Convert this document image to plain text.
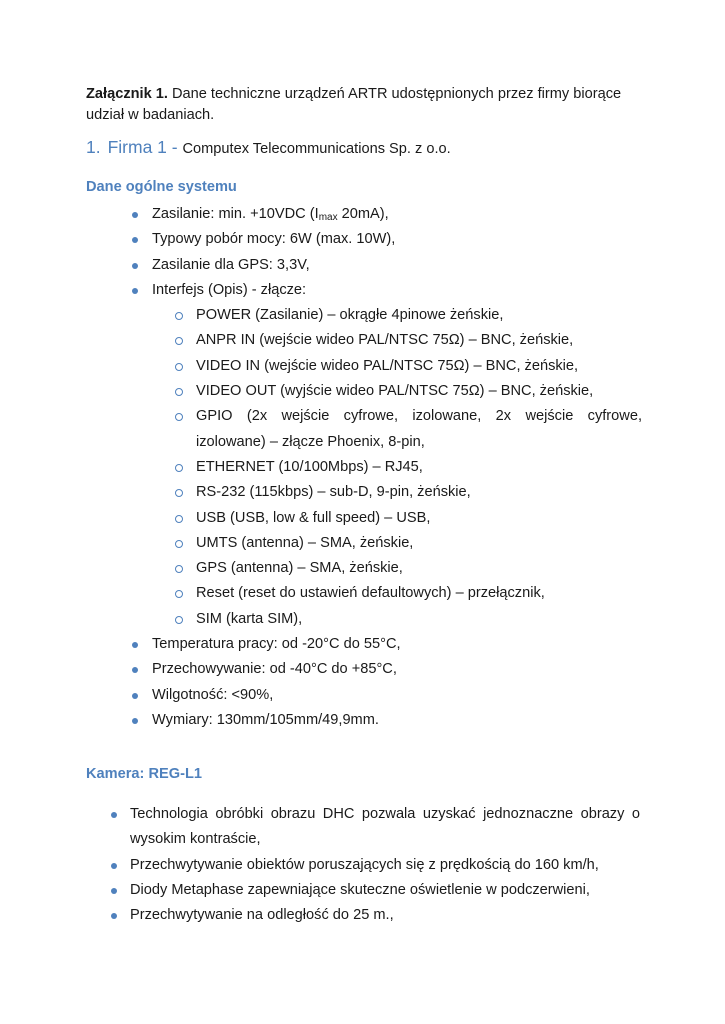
Załącznik 1. Dane techniczne urządzeń ARTR udostępnionych przez firmy biorące udział w badaniach.

1. Firma 1 - Computex Telecommunications Sp. z o.o.
Dane ogólne systemu
Zasilanie: min. +10VDC ($I_{max}$ 20mA),
Typowy pobór mocy: 6W (max. 10W),
Zasilanie dla GPS: 3,3V,
Interfejs (Opis) - złącze:
POWER (Zasilanie) – okrągłe 4pinowe żeńskie,
ANPR IN (wejście wideo PAL/NTSC 75Ω) – BNC, żeńskie,
VIDEO IN (wejście wideo PAL/NTSC 75Ω) – BNC, żeńskie,
VIDEO OUT (wyjście wideo PAL/NTSC 75Ω) – BNC, żeńskie,
GPIO (2x wejście cyfrowe, izolowane, 2x wejście cyfrowe, izolowane) – złącze Phoenix, 8-pin,
ETHERNET (10/100Mbps) – RJ45,
RS-232 (115kbps) – sub-D, 9-pin, żeńskie,
USB (USB, low & full speed) – USB,
UMTS (antenna) – SMA, żeńskie,
GPS (antenna) – SMA, żeńskie,
Reset (reset do ustawień defaultowych) – przełącznik,
SIM (karta SIM),
Temperatura pracy: od -20°C do 55°C,
Przechowywanie: od -40°C do +85°C,
Wilgotność: <90%,
Wymiary: 130mm/105mm/49,9mm.
Kamera: REG-L1
Technologia obróbki obrazu DHC pozwala uzyskać jednoznaczne obrazy o wysokim kontraście,
Przechwytywanie obiektów poruszających się z prędkością do 160 km/h,
Diody Metaphase zapewniające skuteczne oświetlenie w podczerwieni,
Przechwytywanie na odległość do 25 m.,
